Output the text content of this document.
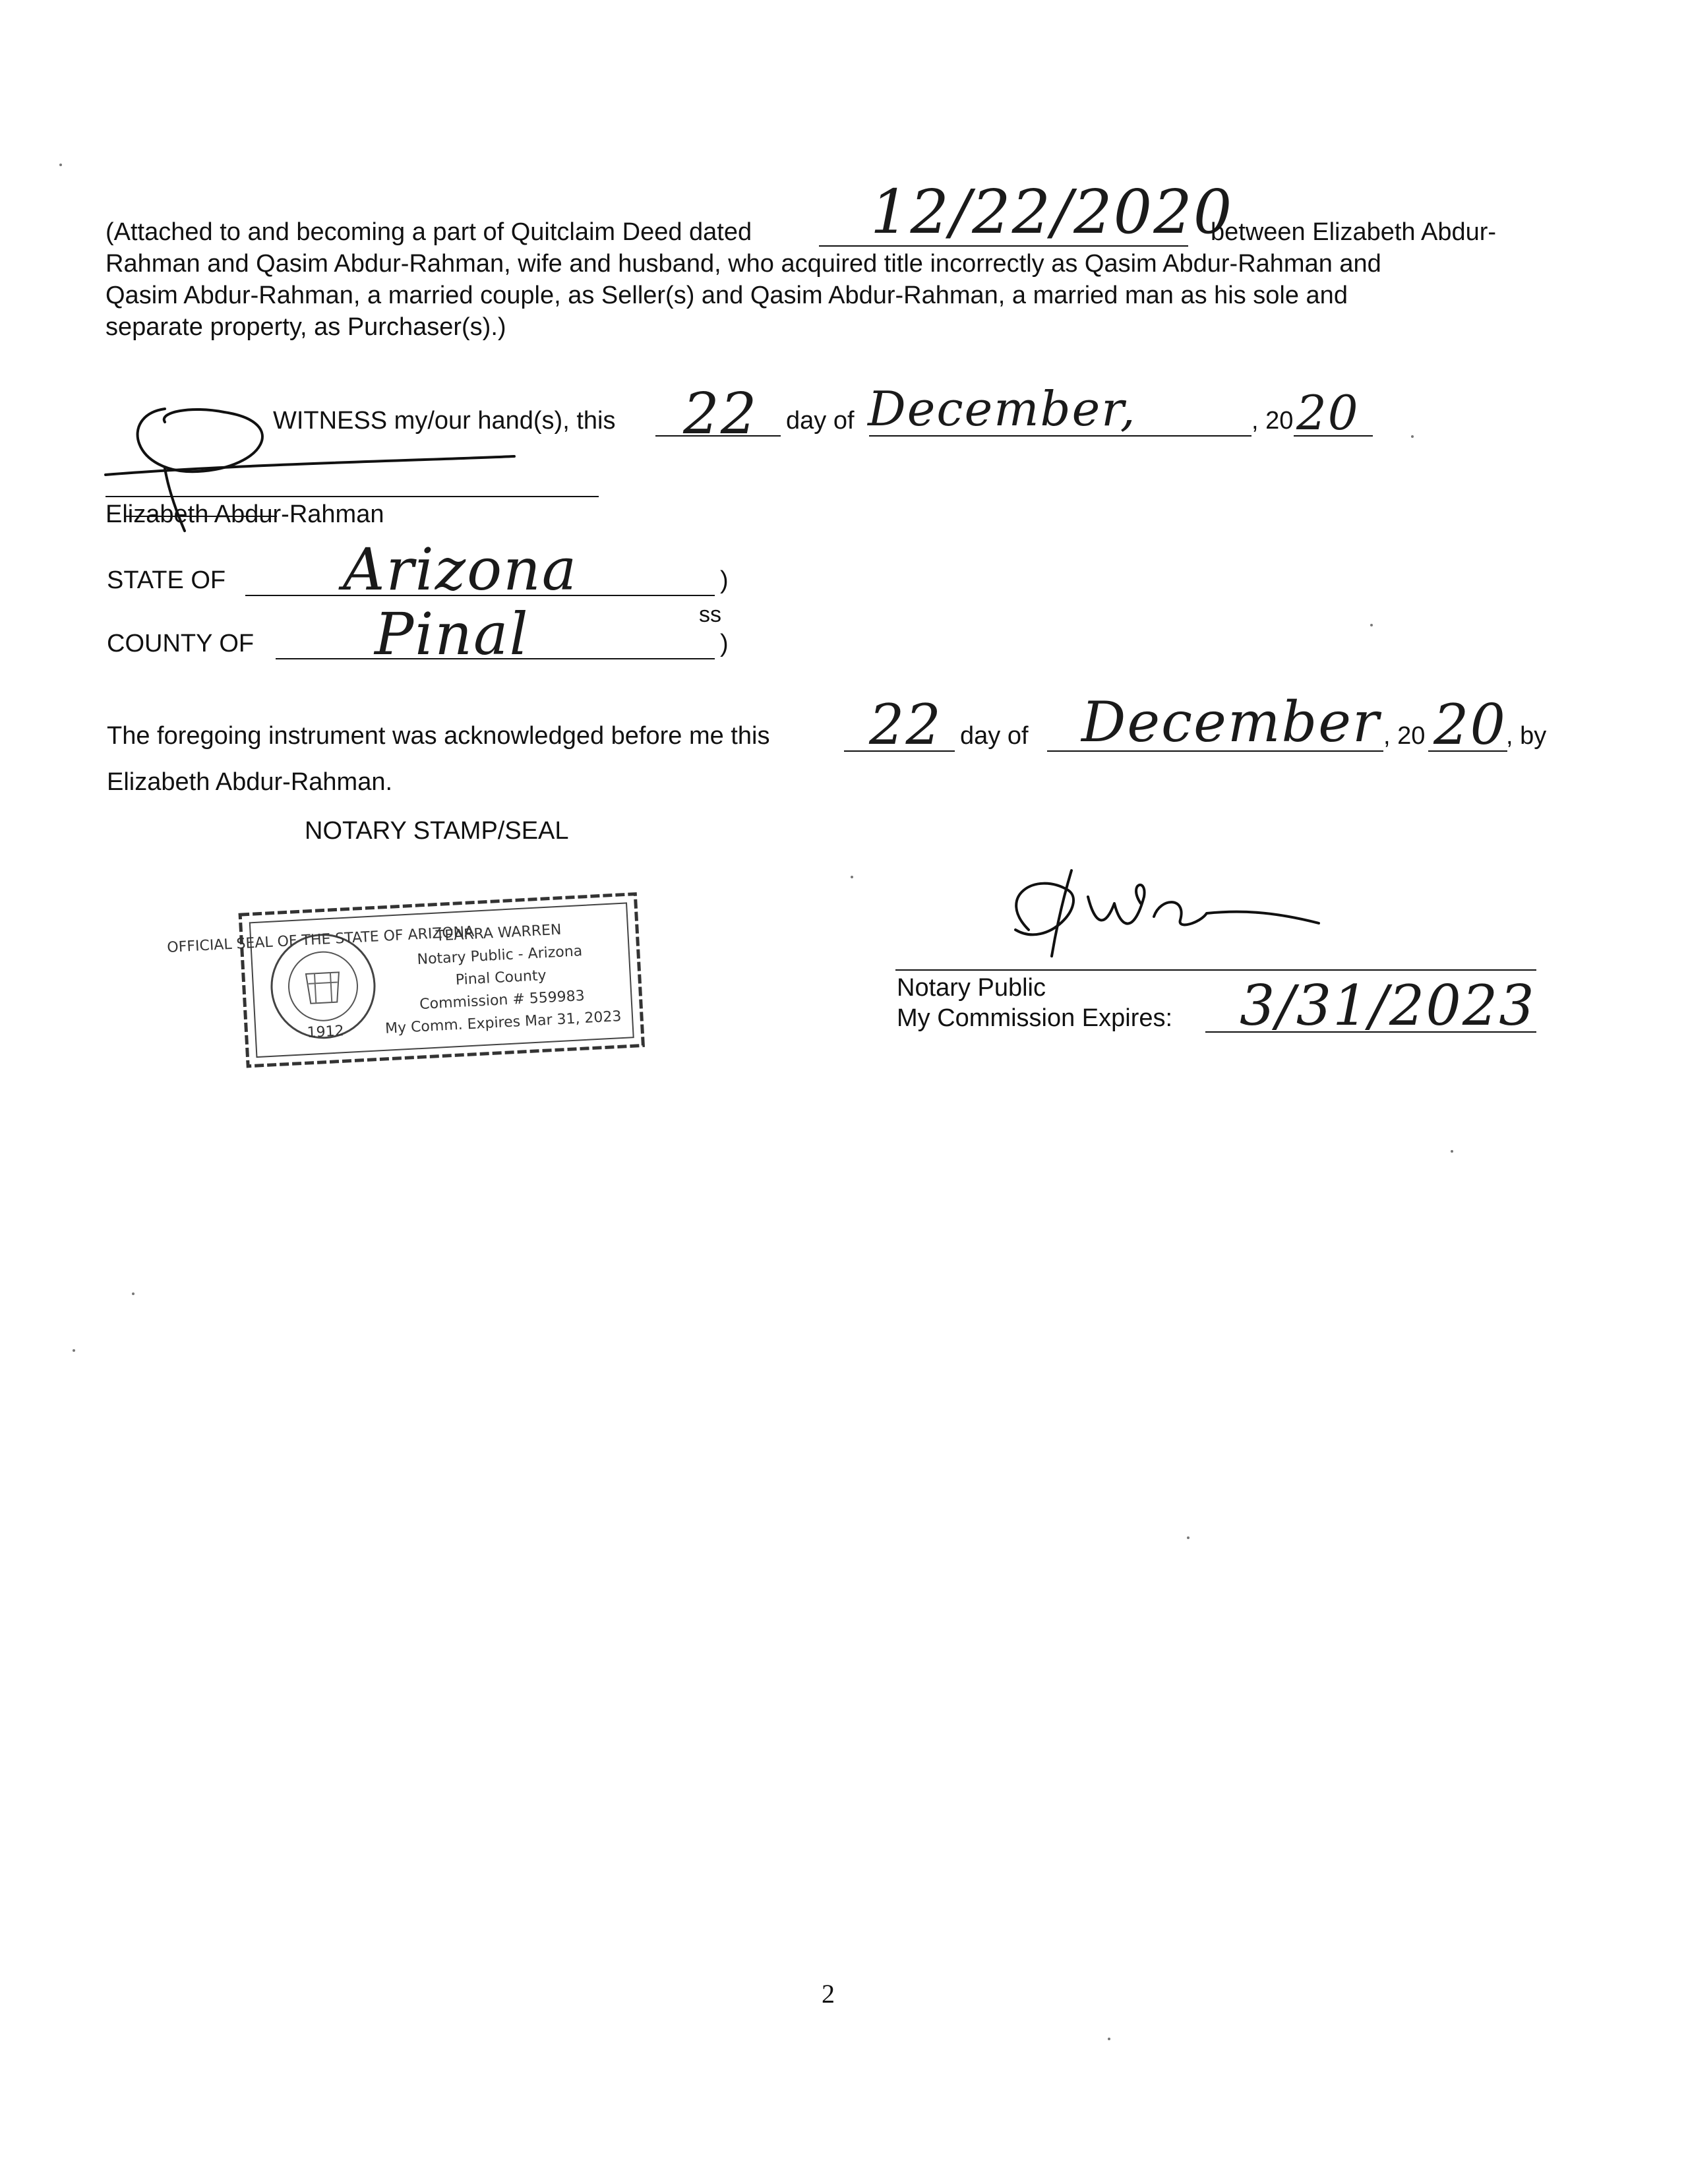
(Attached to and becoming a part of Quitclaim Deed dated 12/22/2020
between Elizabeth Abdur-
Rahman and Qasim Abdur-Rahman, wife and husband, who acquired title incorrectly as Qasim Abdur-Rahman and
Qasim Abdur-Rahman, a married couple, as Seller(s) and Qasim Abdur-Rahman, a married man as his sole and
separate property, as Purchaser(s).)
WITNESS my/our hand(s), this 22 day of December,	, 20 20
Elizabeth Abdur-Rahman
STATE OF Arizona	)
ss
COUNTY OF Pinal	)
The foregoing instrument was acknowledged before me this 22 day of December , 20 20 , by
Elizabeth Abdur-Rahman.
NOTARY STAMP/SEAL
1912
OFFICIAL SEAL OF THE STATE OF ARIZONA
TEARRA WARREN
Notary Public - Arizona
Pinal County
Commission # 559983
My Comm. Expires Mar 31, 2023
Notary Public
My Commission Expires: 3/31/2023
2
